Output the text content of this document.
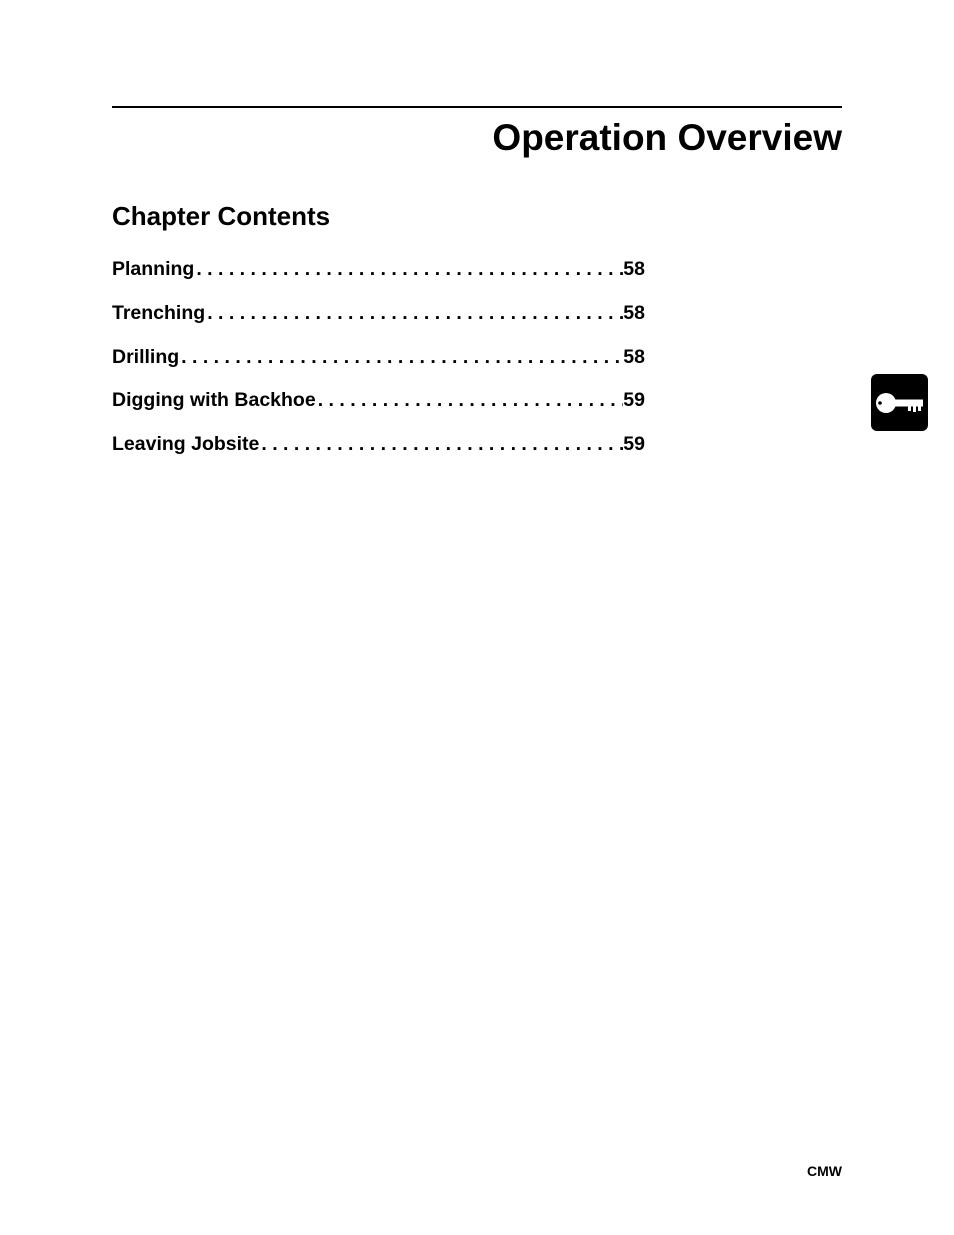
Operation Overview
Chapter Contents
Planning . . .	58
Trenching . . .	58
Drilling . . .	58
Digging with Backhoe . . .	59
Leaving Jobsite . . .	59
CMW
